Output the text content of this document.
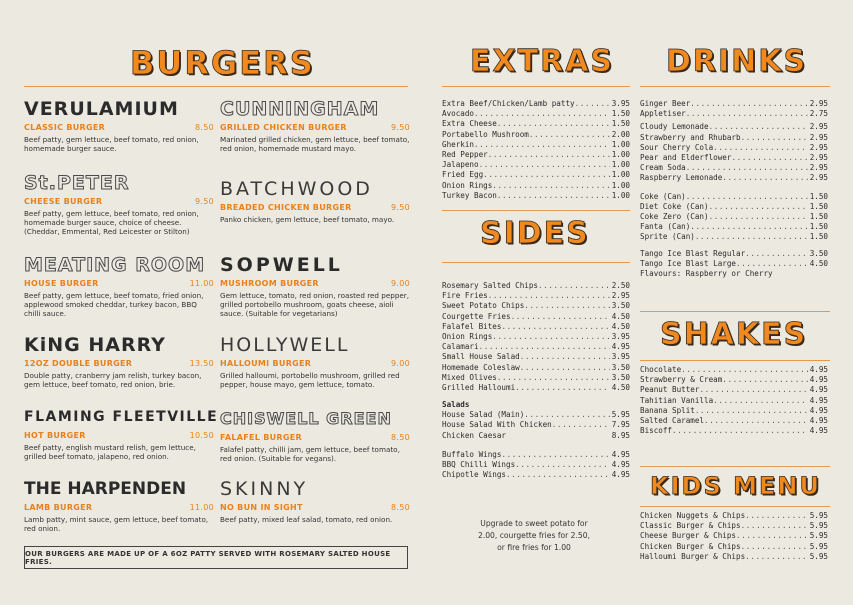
BURGERS	EXTRAS DRINKS
SIDES
SHAKES
KIDS MENU
VERULAMIUM
CLASSIC BURGER	8.50
Beef patty, gem lettuce, beef tomato, red onion, homemade burger sauce.
St.PETER
CHEESE BURGER	9.50
Beef patty, gem lettuce, beef tomato, red onion, homemade burger sauce, choice of cheese. (Cheddar, Emmental, Red Leicester or Stilton)
MEATING ROOM
HOUSE BURGER	11.00
Beef patty, gem lettuce, beef tomato, fried onion, applewood smoked cheddar, turkey bacon, BBQ chilli sauce.
KiNG HARRY
12OZ DOUBLE BURGER	13.50
Double patty, cranberry jam relish, turkey bacon, gem lettuce, beef tomato, red onion, brie.
FLAMING FLEETVILLE
HOT BURGER	10.50
Beef patty, english mustard relish, gem lettuce, grilled beef tomato, jalapeno, red onion.
THE HARPENDEN
LAMB BURGER	11.00
Lamb patty, mint sauce, gem lettuce, beef tomato, red onion.
CUNNINGHAM
GRILLED CHICKEN BURGER	9.50
Marinated grilled chicken, gem lettuce, beef tomato, red onion, homemade mustard mayo.
BATCHWOOD
BREADED CHICKEN BURGER	9.50
Panko chicken, gem lettuce, beef tomato, mayo.
SOPWELL
MUSHROOM BURGER	9.00
Gem lettuce, tomato, red onion, roasted red pepper, grilled portobello mushroom, goats cheese, aioli sauce. (Suitable for vegetarians)
HOLLYWELL
HALLOUMI BURGER	9.00
Grilled halloumi, portobello mushroom, grilled red pepper, house mayo, gem lettuce, tomato.
CHISWELL GREEN
FALAFEL BURGER	8.50
Falafel patty, chilli jam, gem lettuce, beef tomato, red onion. (Suitable for vegans).
SKINNY
NO BUN IN SIGHT	8.50
Beef patty, mixed leaf salad, tomato, red onion.
OUR BURGERS ARE MADE UP OF A 6OZ PATTY SERVED WITH ROSEMARY SALTED HOUSE FRIES.
Extra Beef/Chicken/Lamb patty .....	3.95
Avocado .....	1.50
Extra Cheese .....	1.50
Portabello Mushroom .....	2.00
Gherkin .....	1.00
Red Pepper .....	1.00
Jalapeno .....	1.00
Fried Egg .....	1.00
Onion Rings .....	1.00
Turkey Bacon .....	1.00
Rosemary Salted Chips .....	2.50
Fire Fries .....	2.95
Sweet Potato Chips .....	3.50
Courgette Fries .....	4.50
Falafel Bites .....	4.50
Onion Rings .....	3.95
Calamari .....	4.95
Small House Salad .....	3.95
Homemade Coleslaw .....	3.50
Mixed Olives .....	3.50
Grilled Halloumi .....	4.50
Salads
House Salad (Main) .....	5.95
House Salad With Chicken .....	7.95
Chicken Caesar	8.95
Buffalo Wings .....	4.95
BBQ Chilli Wings .....	4.95
Chipotle Wings .....	4.95
Upgrade to sweet potato for
2.00, courgette fries for 2.50,
or fire fries for 1.00
Ginger Beer .....	2.95
Appletiser .....	2.75
Cloudy Lemonade .....	2.95
Strawberry and Rhubarb .....	2.95
Sour Cherry Cola .....	2.95
Pear and Elderflower .....	2.95
Cream Soda .....	2.95
Raspberry Lemonade .....	2.95
Coke (Can) .....	1.50
Diet Coke (Can) .....	1.50
Coke Zero (Can) .....	1.50
Fanta (Can) .....	1.50
Sprite (Can) .....	1.50
Tango Ice Blast Regular .....	3.50
Tango Ice Blast Large .....	4.50
Flavours: Raspberry or Cherry
Chocolate .....	4.95
Strawberry & Cream .....	4.95
Peanut Butter .....	4.95
Tahitian Vanilla .....	4.95
Banana Split .....	4.95
Salted Caramel .....	4.95
Biscoff .....	4.95
Chicken Nuggets & Chips .....	5.95
Classic Burger & Chips .....	5.95
Cheese Burger & Chips .....	5.95
Chicken Burger & Chips .....	5.95
Halloumi Burger & Chips .....	5.95
